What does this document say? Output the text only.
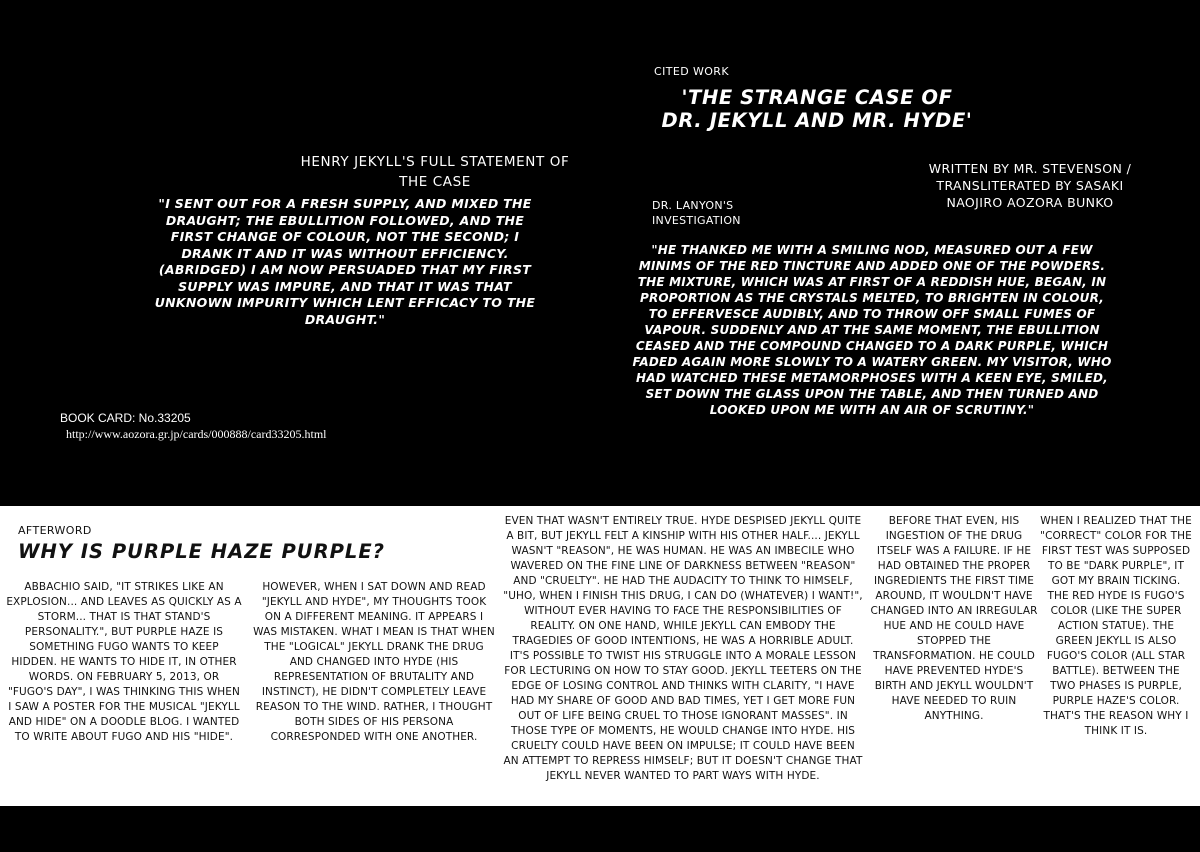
HENRY JEKYLL'S FULL STATEMENT OF THE CASE
"I SENT OUT FOR A FRESH SUPPLY, AND MIXED THE DRAUGHT; THE EBULLITION FOLLOWED, AND THE FIRST CHANGE OF COLOUR, NOT THE SECOND; I DRANK IT AND IT WAS WITHOUT EFFICIENCY. (ABRIDGED) I AM NOW PERSUADED THAT MY FIRST SUPPLY WAS IMPURE, AND THAT IT WAS THAT UNKNOWN IMPURITY WHICH LENT EFFICACY TO THE DRAUGHT."
BOOK CARD: No.33205
http://www.aozora.gr.jp/cards/000888/card33205.html
CITED WORK
'THE STRANGE CASE OF
DR. JEKYLL AND MR. HYDE'
WRITTEN BY MR. STEVENSON /
TRANSLITERATED BY SASAKI
NAOJIRO AOZORA BUNKO
DR. LANYON'S INVESTIGATION
"HE THANKED ME WITH A SMILING NOD, MEASURED OUT A FEW MINIMS OF THE RED TINCTURE AND ADDED ONE OF THE POWDERS. THE MIXTURE, WHICH WAS AT FIRST OF A REDDISH HUE, BEGAN, IN PROPORTION AS THE CRYSTALS MELTED, TO BRIGHTEN IN COLOUR, TO EFFERVESCE AUDIBLY, AND TO THROW OFF SMALL FUMES OF VAPOUR. SUDDENLY AND AT THE SAME MOMENT, THE EBULLITION CEASED AND THE COMPOUND CHANGED TO A DARK PURPLE, WHICH FADED AGAIN MORE SLOWLY TO A WATERY GREEN. MY VISITOR, WHO HAD WATCHED THESE METAMORPHOSES WITH A KEEN EYE, SMILED, SET DOWN THE GLASS UPON THE TABLE, AND THEN TURNED AND LOOKED UPON ME WITH AN AIR OF SCRUTINY."
AFTERWORD
WHY IS PURPLE HAZE PURPLE?
ABBACHIO SAID, "IT STRIKES LIKE AN EXPLOSION... AND LEAVES AS QUICKLY AS A STORM... THAT IS THAT STAND'S PERSONALITY.", BUT PURPLE HAZE IS SOMETHING FUGO WANTS TO KEEP HIDDEN. HE WANTS TO HIDE IT, IN OTHER WORDS. ON FEBRUARY 5, 2013, OR "FUGO'S DAY", I WAS THINKING THIS WHEN I SAW A POSTER FOR THE MUSICAL "JEKYLL AND HIDE" ON A DOODLE BLOG. I WANTED TO WRITE ABOUT FUGO AND HIS "HIDE".
HOWEVER, WHEN I SAT DOWN AND READ "JEKYLL AND HYDE", MY THOUGHTS TOOK ON A DIFFERENT MEANING. IT APPEARS I WAS MISTAKEN. WHAT I MEAN IS THAT WHEN THE "LOGICAL" JEKYLL DRANK THE DRUG AND CHANGED INTO HYDE (HIS REPRESENTATION OF BRUTALITY AND INSTINCT), HE DIDN'T COMPLETELY LEAVE REASON TO THE WIND. RATHER, I THOUGHT BOTH SIDES OF HIS PERSONA CORRESPONDED WITH ONE ANOTHER.
EVEN THAT WASN'T ENTIRELY TRUE. HYDE DESPISED JEKYLL QUITE A BIT, BUT JEKYLL FELT A KINSHIP WITH HIS OTHER HALF.... JEKYLL WASN'T "REASON", HE WAS HUMAN. HE WAS AN IMBECILE WHO WAVERED ON THE FINE LINE OF DARKNESS BETWEEN "REASON" AND "CRUELTY". HE HAD THE AUDACITY TO THINK TO HIMSELF, "UHO, WHEN I FINISH THIS DRUG, I CAN DO (WHATEVER) I WANT!", WITHOUT EVER HAVING TO FACE THE RESPONSIBILITIES OF REALITY. ON ONE HAND, WHILE JEKYLL CAN EMBODY THE TRAGEDIES OF GOOD INTENTIONS, HE WAS A HORRIBLE ADULT. IT'S POSSIBLE TO TWIST HIS STRUGGLE INTO A MORALE LESSON FOR LECTURING ON HOW TO STAY GOOD. JEKYLL TEETERS ON THE EDGE OF LOSING CONTROL AND THINKS WITH CLARITY, "I HAVE HAD MY SHARE OF GOOD AND BAD TIMES, YET I GET MORE FUN OUT OF LIFE BEING CRUEL TO THOSE IGNORANT MASSES". IN THOSE TYPE OF MOMENTS, HE WOULD CHANGE INTO HYDE. HIS CRUELTY COULD HAVE BEEN ON IMPULSE; IT COULD HAVE BEEN AN ATTEMPT TO REPRESS HIMSELF; BUT IT DOESN'T CHANGE THAT JEKYLL NEVER WANTED TO PART WAYS WITH HYDE.
BEFORE THAT EVEN, HIS INGESTION OF THE DRUG ITSELF WAS A FAILURE. IF HE HAD OBTAINED THE PROPER INGREDIENTS THE FIRST TIME AROUND, IT WOULDN'T HAVE CHANGED INTO AN IRREGULAR HUE AND HE COULD HAVE STOPPED THE TRANSFORMATION. HE COULD HAVE PREVENTED HYDE'S BIRTH AND JEKYLL WOULDN'T HAVE NEEDED TO RUIN ANYTHING.
WHEN I REALIZED THAT THE "CORRECT" COLOR FOR THE FIRST TEST WAS SUPPOSED TO BE "DARK PURPLE", IT GOT MY BRAIN TICKING. THE RED HYDE IS FUGO'S COLOR (LIKE THE SUPER ACTION STATUE). THE GREEN JEKYLL IS ALSO FUGO'S COLOR (ALL STAR BATTLE). BETWEEN THE TWO PHASES IS PURPLE, PURPLE HAZE'S COLOR. THAT'S THE REASON WHY I THINK IT IS.
